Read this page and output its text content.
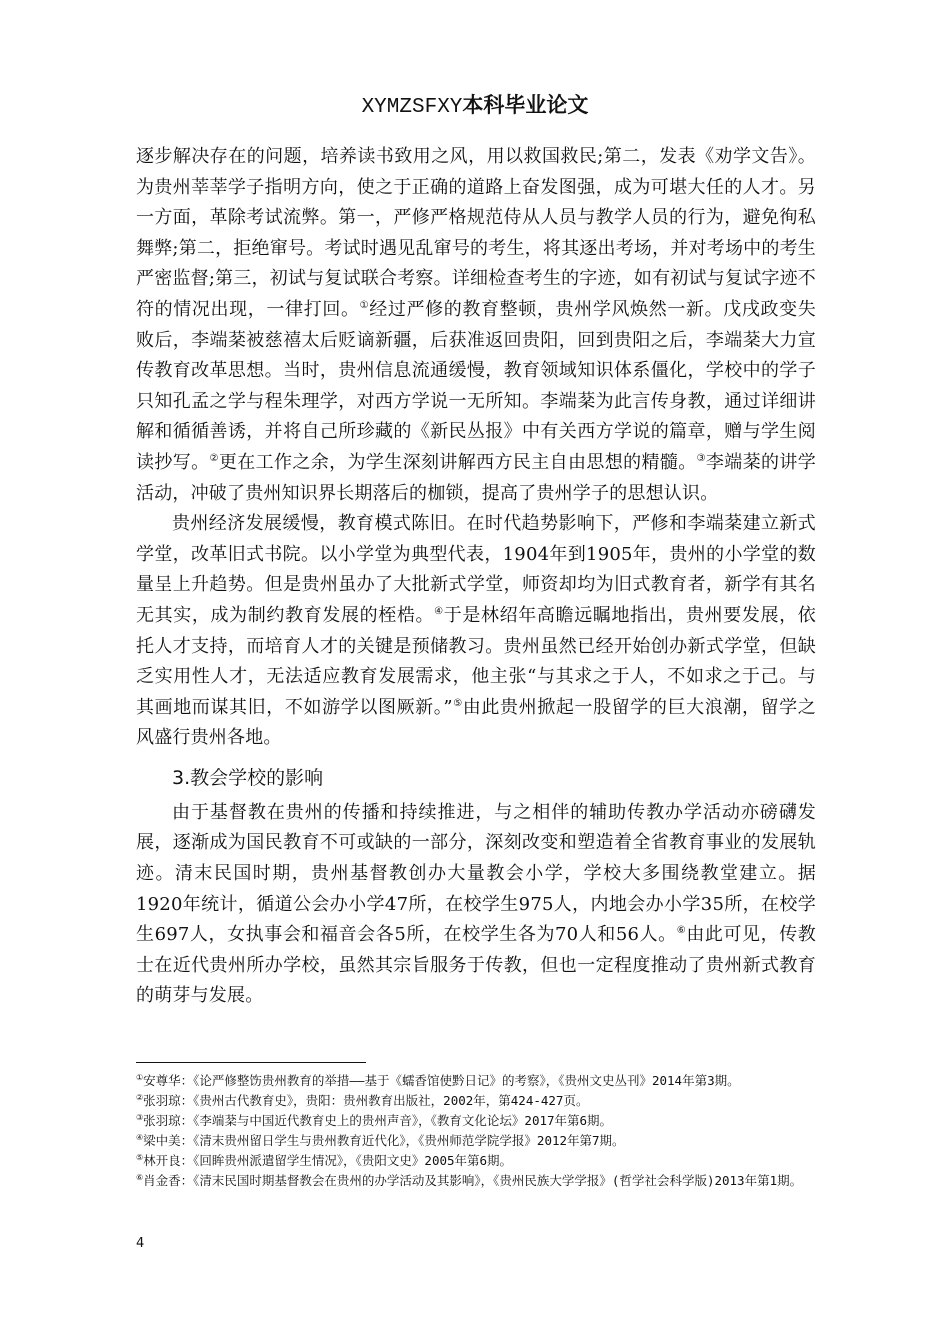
XYMZSFXY本科毕业论文

逐步解决存在的问题，培养读书致用之风，用以救国救民;第二，发表《劝学文告》。为贵州莘莘学子指明方向，使之于正确的道路上奋发图强，成为可堪大任的人才。另一方面，革除考试流弊。第一，严修严格规范侍从人员与教学人员的行为，避免徇私舞弊;第二，拒绝窜号。考试时遇见乱窜号的考生，将其逐出考场，并对考场中的考生严密监督;第三，初试与复试联合考察。详细检查考生的字迹，如有初试与复试字迹不符的情况出现，一律打回。①经过严修的教育整顿，贵州学风焕然一新。戊戌政变失败后，李端棻被慈禧太后贬谪新疆，后获准返回贵阳，回到贵阳之后，李端棻大力宣传教育改革思想。当时，贵州信息流通缓慢，教育领域知识体系僵化，学校中的学子只知孔孟之学与程朱理学，对西方学说一无所知。李端棻为此言传身教，通过详细讲解和循循善诱，并将自己所珍藏的《新民丛报》中有关西方学说的篇章，赠与学生阅读抄写。②更在工作之余，为学生深刻讲解西方民主自由思想的精髓。③李端棻的讲学活动，冲破了贵州知识界长期落后的枷锁，提高了贵州学子的思想认识。

贵州经济发展缓慢，教育模式陈旧。在时代趋势影响下，严修和李端棻建立新式学堂，改革旧式书院。以小学堂为典型代表，1904年到1905年，贵州的小学堂的数量呈上升趋势。但是贵州虽办了大批新式学堂，师资却均为旧式教育者，新学有其名无其实，成为制约教育发展的桎梏。④于是林绍年高瞻远瞩地指出，贵州要发展，依托人才支持，而培育人才的关键是预储教习。贵州虽然已经开始创办新式学堂，但缺乏实用性人才，无法适应教育发展需求，他主张“与其求之于人，不如求之于己。与其画地而谋其旧，不如游学以图厥新。”⑤由此贵州掀起一股留学的巨大浪潮，留学之风盛行贵州各地。

3.教会学校的影响

由于基督教在贵州的传播和持续推进，与之相伴的辅助传教办学活动亦磅礴发展，逐渐成为国民教育不可或缺的一部分，深刻改变和塑造着全省教育事业的发展轨迹。清末民国时期，贵州基督教创办大量教会小学，学校大多围绕教堂建立。据1920年统计，循道公会办小学47所，在校学生975人，内地会办小学35所，在校学生697人，女执事会和福音会各5所，在校学生各为70人和56人。⑥由此可见，传教士在近代贵州所办学校，虽然其宗旨服务于传教，但也一定程度推动了贵州新式教育的萌芽与发展。

①安尊华：《论严修整饬贵州教育的举措——基于《蠕香馆使黔日记》的考察》，《贵州文史丛刊》2014年第3期。

②张羽琼：《贵州古代教育史》，贵阳：贵州教育出版社，2002年，第424-427页。

③张羽琼：《李端棻与中国近代教育史上的贵州声音》，《教育文化论坛》2017年第6期。

④梁中美：《清末贵州留日学生与贵州教育近代化》，《贵州师范学院学报》2012年第7期。

⑤林开良：《回眸贵州派遣留学生情况》，《贵阳文史》2005年第6期。

⑥肖金香：《清末民国时期基督教会在贵州的办学活动及其影响》，《贵州民族大学学报》(哲学社会科学版)2013年第1期。

4
